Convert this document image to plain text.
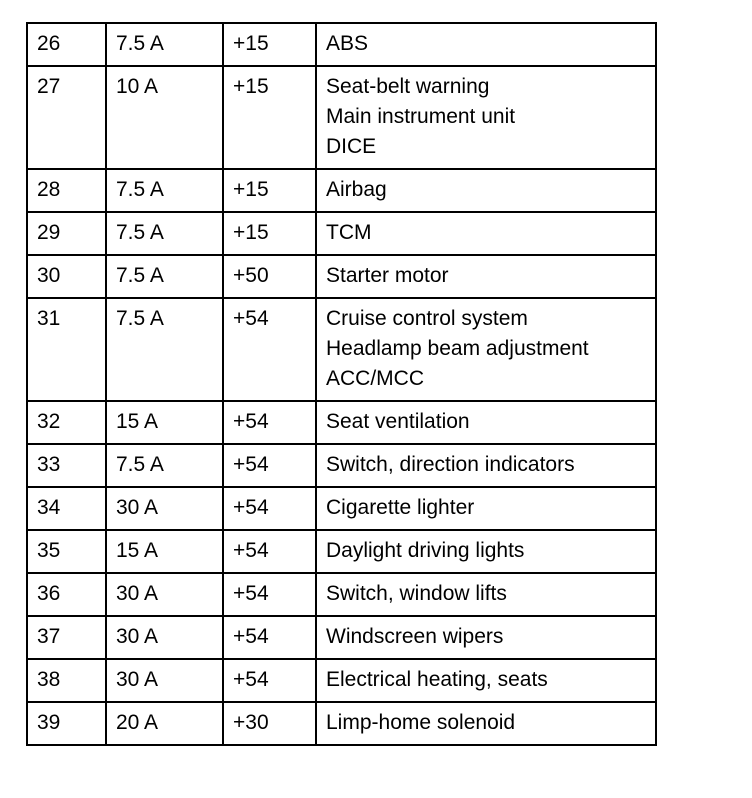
26	7.5 A	+15	ABS

27	10 A	+15	Seat-belt warning
Main instrument unit
DICE

28	7.5 A	+15	Airbag

29	7.5 A	+15	TCM

30	7.5 A	+50	Starter motor

31	7.5 A	+54	Cruise control system
Headlamp beam adjustment
ACC/MCC

32	15 A	+54	Seat ventilation

33	7.5 A	+54	Switch, direction indicators

34	30 A	+54	Cigarette lighter

35	15 A	+54	Daylight driving lights

36	30 A	+54	Switch, window lifts

37	30 A	+54	Windscreen wipers

38	30 A	+54	Electrical heating, seats

39	20 A	+30	Limp-home solenoid
